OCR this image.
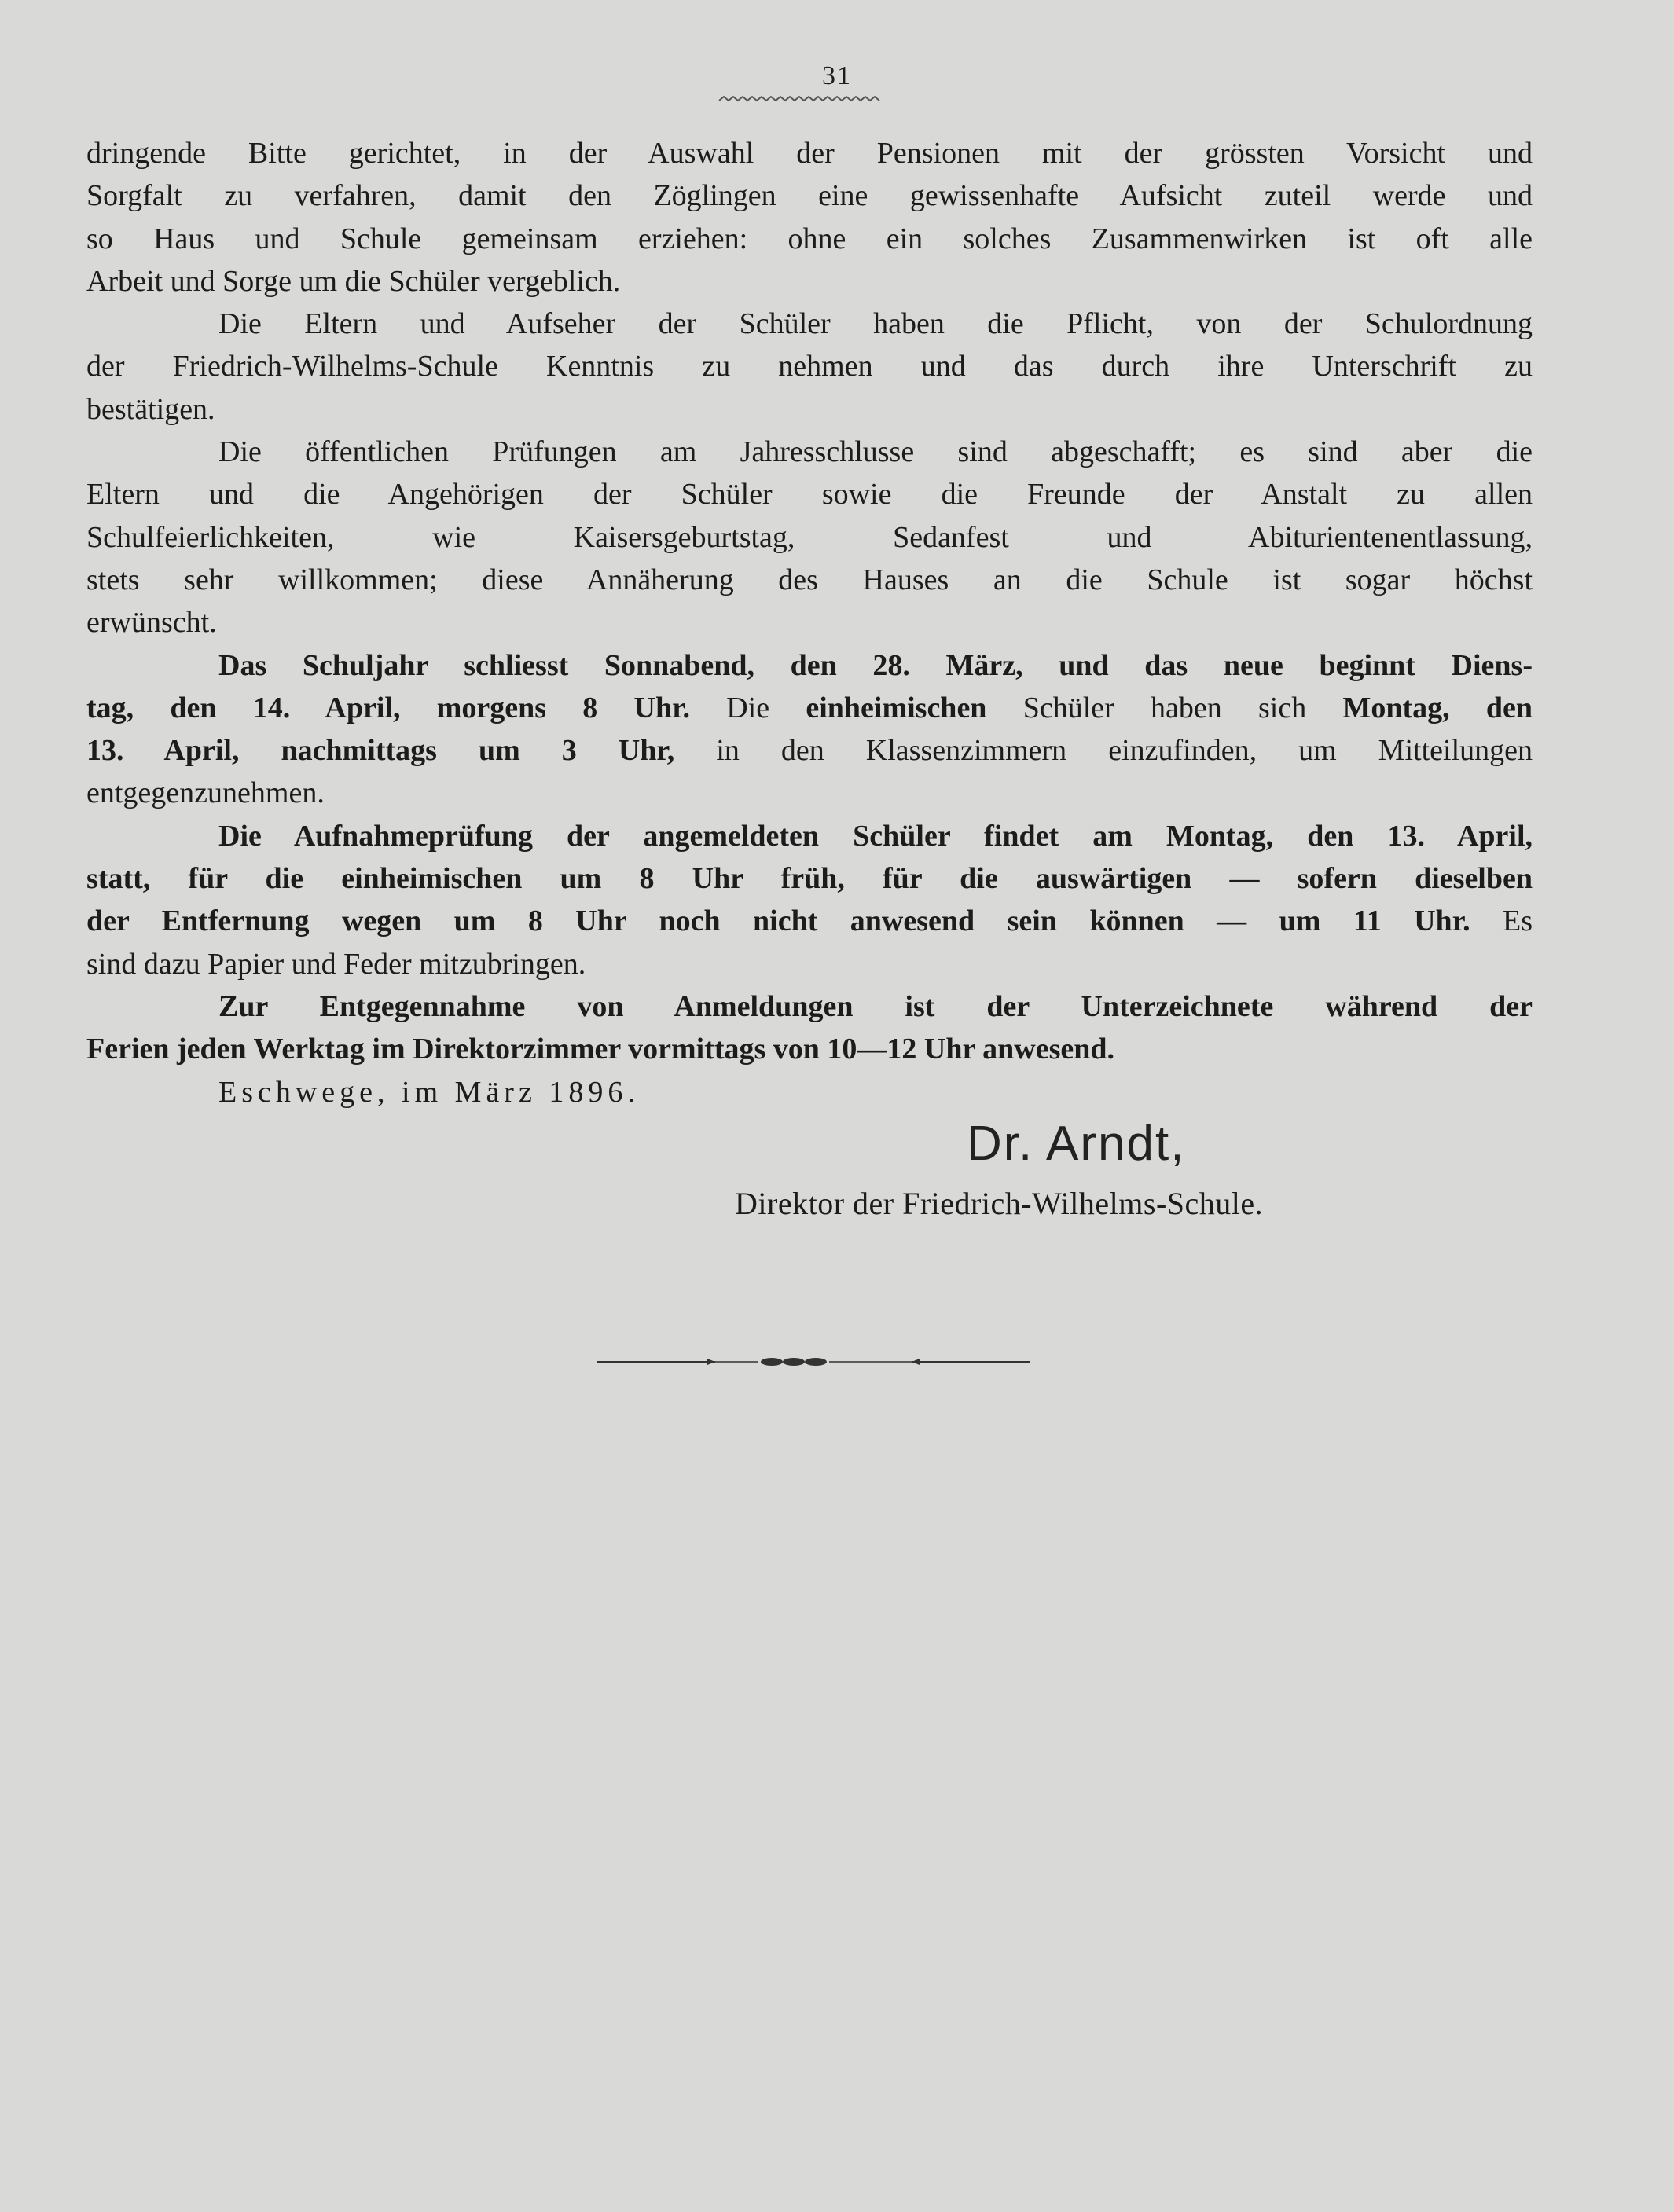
31
dringende Bitte gerichtet, in der Auswahl der Pensionen mit der grössten Vorsicht und
Sorgfalt zu verfahren, damit den Zöglingen eine gewissenhafte Aufsicht zuteil werde und
so Haus und Schule gemeinsam erziehen: ohne ein solches Zusammenwirken ist oft alle
Arbeit und Sorge um die Schüler vergeblich.
Die Eltern und Aufseher der Schüler haben die Pflicht, von der Schulordnung
der Friedrich-Wilhelms-Schule Kenntnis zu nehmen und das durch ihre Unterschrift zu
bestätigen.
Die öffentlichen Prüfungen am Jahresschlusse sind abgeschafft; es sind aber die
Eltern und die Angehörigen der Schüler sowie die Freunde der Anstalt zu allen
Schulfeierlichkeiten, wie Kaisersgeburtstag, Sedanfest und Abiturientenentlassung,
stets sehr willkommen; diese Annäherung des Hauses an die Schule ist sogar höchst
erwünscht.
Das Schuljahr schliesst Sonnabend, den 28. März, und das neue beginnt Diens-
tag, den 14. April, morgens 8 Uhr. Die einheimischen Schüler haben sich Montag, den
13. April, nachmittags um 3 Uhr, in den Klassenzimmern einzufinden, um Mitteilungen
entgegenzunehmen.
Die Aufnahmeprüfung der angemeldeten Schüler findet am Montag, den 13. April,
statt, für die einheimischen um 8 Uhr früh, für die auswärtigen — sofern dieselben
der Entfernung wegen um 8 Uhr noch nicht anwesend sein können — um 11 Uhr. Es
sind dazu Papier und Feder mitzubringen.
Zur Entgegennahme von Anmeldungen ist der Unterzeichnete während der
Ferien jeden Werktag im Direktorzimmer vormittags von 10—12 Uhr anwesend.
Eschwege, im März 1896.
Dr. Arndt,
Direktor der Friedrich-Wilhelms-Schule.
